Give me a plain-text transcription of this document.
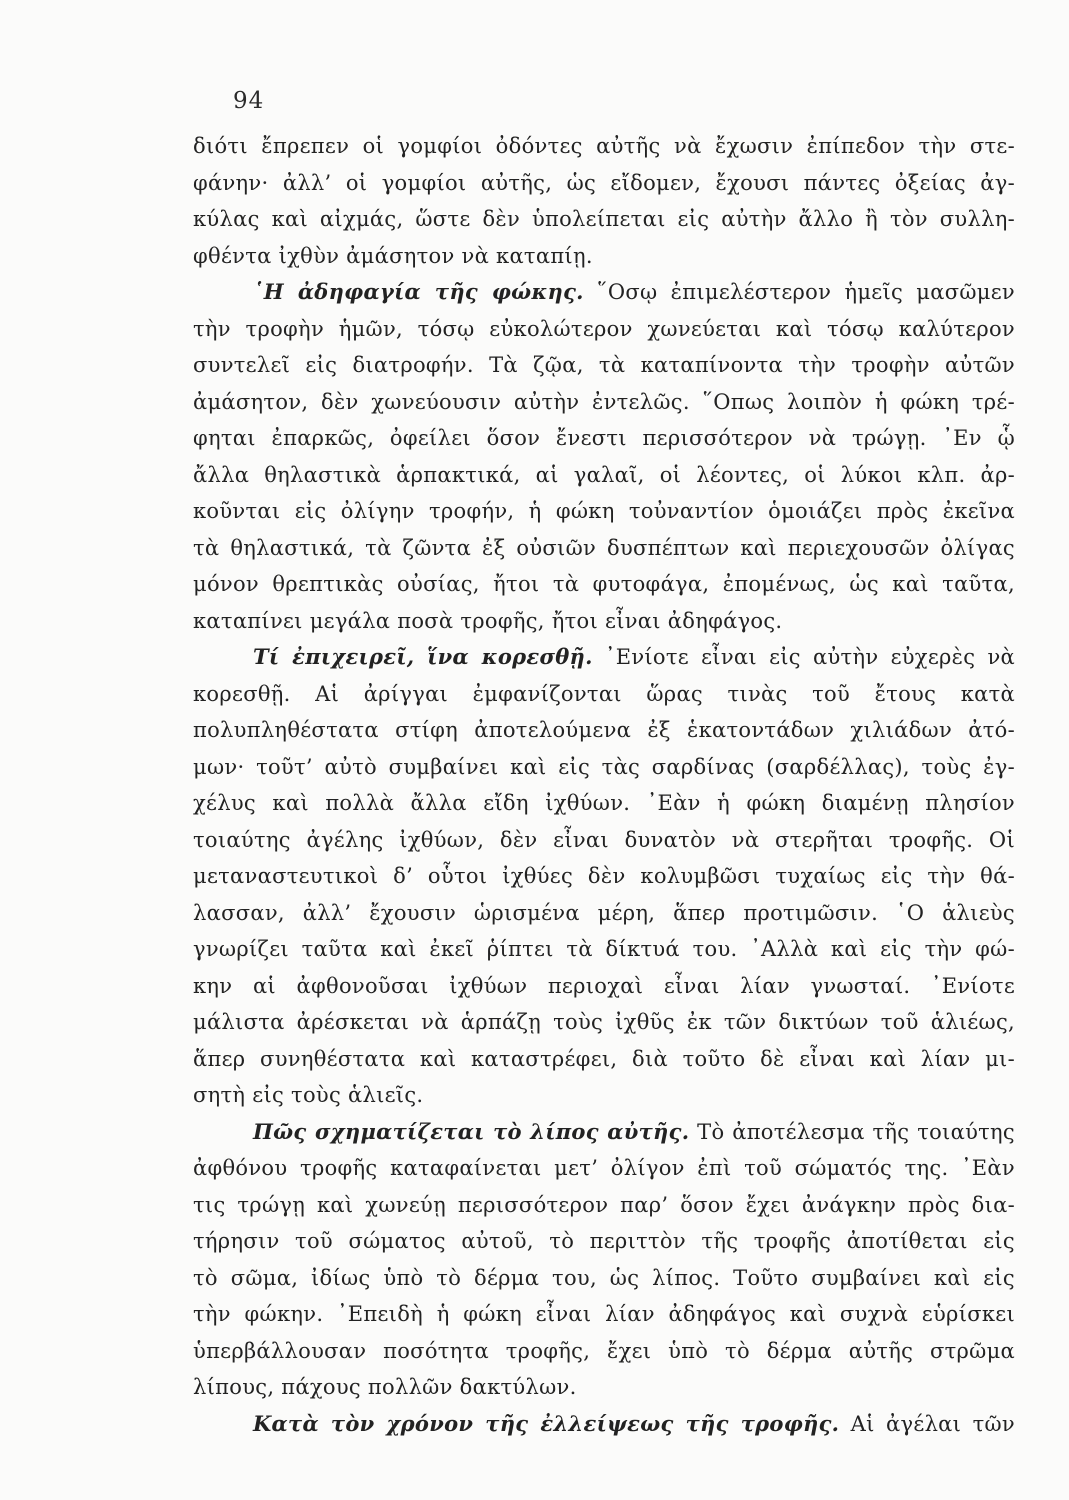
94
διότι ἔπρεπεν οἱ γομφίοι ὀδόντες αὐτῆς νὰ ἔχωσιν ἐπίπεδον τὴν στε-
φάνην· ἀλλ’ οἱ γομφίοι αὐτῆς, ὡς εἴδομεν, ἔχουσι πάντες ὀξείας ἀγ-
κύλας καὶ αἰχμάς, ὥστε δὲν ὑπολείπεται εἰς αὐτὴν ἄλλο ἢ τὸν συλλη-
φθέντα ἰχθὺν ἀμάσητον νὰ καταπίῃ.
῾Η ἀδηφαγία τῆς φώκης. ῞Οσῳ ἐπιμελέστερον ἡμεῖς μασῶμεν
τὴν τροφὴν ἡμῶν, τόσῳ εὐκολώτερον χωνεύεται καὶ τόσῳ καλύτερον
συντελεῖ εἰς διατροφήν. Τὰ ζῷα, τὰ καταπίνοντα τὴν τροφὴν αὐτῶν
ἀμάσητον, δὲν χωνεύουσιν αὐτὴν ἐντελῶς. ῞Οπως λοιπὸν ἡ φώκη τρέ-
φηται ἐπαρκῶς, ὀφείλει ὅσον ἔνεστι περισσότερον νὰ τρώγῃ. ᾿Εν ᾧ
ἄλλα θηλαστικὰ ἁρπακτικά, αἱ γαλαῖ, οἱ λέοντες, οἱ λύκοι κλπ. ἀρ-
κοῦνται εἰς ὀλίγην τροφήν, ἡ φώκη τοὐναντίον ὁμοιάζει πρὸς ἐκεῖνα
τὰ θηλαστικά, τὰ ζῶντα ἐξ οὐσιῶν δυσπέπτων καὶ περιεχουσῶν ὀλίγας
μόνον θρεπτικὰς οὐσίας, ἤτοι τὰ φυτοφάγα, ἐπομένως, ὡς καὶ ταῦτα,
καταπίνει μεγάλα ποσὰ τροφῆς, ἤτοι εἶναι ἀδηφάγος.
Τί ἐπιχειρεῖ, ἵνα κορεσθῇ. ᾿Ενίοτε εἶναι εἰς αὐτὴν εὐχερὲς νὰ
κορεσθῇ. Αἱ ἀρίγγαι ἐμφανίζονται ὥρας τινὰς τοῦ ἔτους κατὰ
πολυπληθέστατα στίφη ἀποτελούμενα ἐξ ἑκατοντάδων χιλιάδων ἀτό-
μων· τοῦτ’ αὐτὸ συμβαίνει καὶ εἰς τὰς σαρδίνας (σαρδέλλας), τοὺς ἐγ-
χέλυς καὶ πολλὰ ἄλλα εἴδη ἰχθύων. ᾿Εὰν ἡ φώκη διαμένῃ πλησίον
τοιαύτης ἀγέλης ἰχθύων, δὲν εἶναι δυνατὸν νὰ στερῆται τροφῆς. Οἱ
μεταναστευτικοὶ δ’ οὗτοι ἰχθύες δὲν κολυμβῶσι τυχαίως εἰς τὴν θά-
λασσαν, ἀλλ’ ἔχουσιν ὡρισμένα μέρη, ἅπερ προτιμῶσιν. ῾Ο ἁλιεὺς
γνωρίζει ταῦτα καὶ ἐκεῖ ῥίπτει τὰ δίκτυά του. ᾿Αλλὰ καὶ εἰς τὴν φώ-
κην αἱ ἀφθονοῦσαι ἰχθύων περιοχαὶ εἶναι λίαν γνωσταί. ᾿Ενίοτε
μάλιστα ἀρέσκεται νὰ ἁρπάζῃ τοὺς ἰχθῦς ἐκ τῶν δικτύων τοῦ ἁλιέως,
ἅπερ συνηθέστατα καὶ καταστρέφει, διὰ τοῦτο δὲ εἶναι καὶ λίαν μι-
σητὴ εἰς τοὺς ἁλιεῖς.
Πῶς σχηματίζεται τὸ λίπος αὐτῆς. Τὸ ἀποτέλεσμα τῆς τοιαύτης
ἀφθόνου τροφῆς καταφαίνεται μετ’ ὀλίγον ἐπὶ τοῦ σώματός της. ᾿Εὰν
τις τρώγῃ καὶ χωνεύῃ περισσότερον παρ’ ὅσον ἔχει ἀνάγκην πρὸς δια-
τήρησιν τοῦ σώματος αὐτοῦ, τὸ περιττὸν τῆς τροφῆς ἀποτίθεται εἰς
τὸ σῶμα, ἰδίως ὑπὸ τὸ δέρμα του, ὡς λίπος. Τοῦτο συμβαίνει καὶ εἰς
τὴν φώκην. ᾿Επειδὴ ἡ φώκη εἶναι λίαν ἀδηφάγος καὶ συχνὰ εὑρίσκει
ὑπερβάλλουσαν ποσότητα τροφῆς, ἔχει ὑπὸ τὸ δέρμα αὐτῆς στρῶμα
λίπους, πάχους πολλῶν δακτύλων.
Κατὰ τὸν χρόνον τῆς ἐλλείψεως τῆς τροφῆς. Αἱ ἀγέλαι τῶν
